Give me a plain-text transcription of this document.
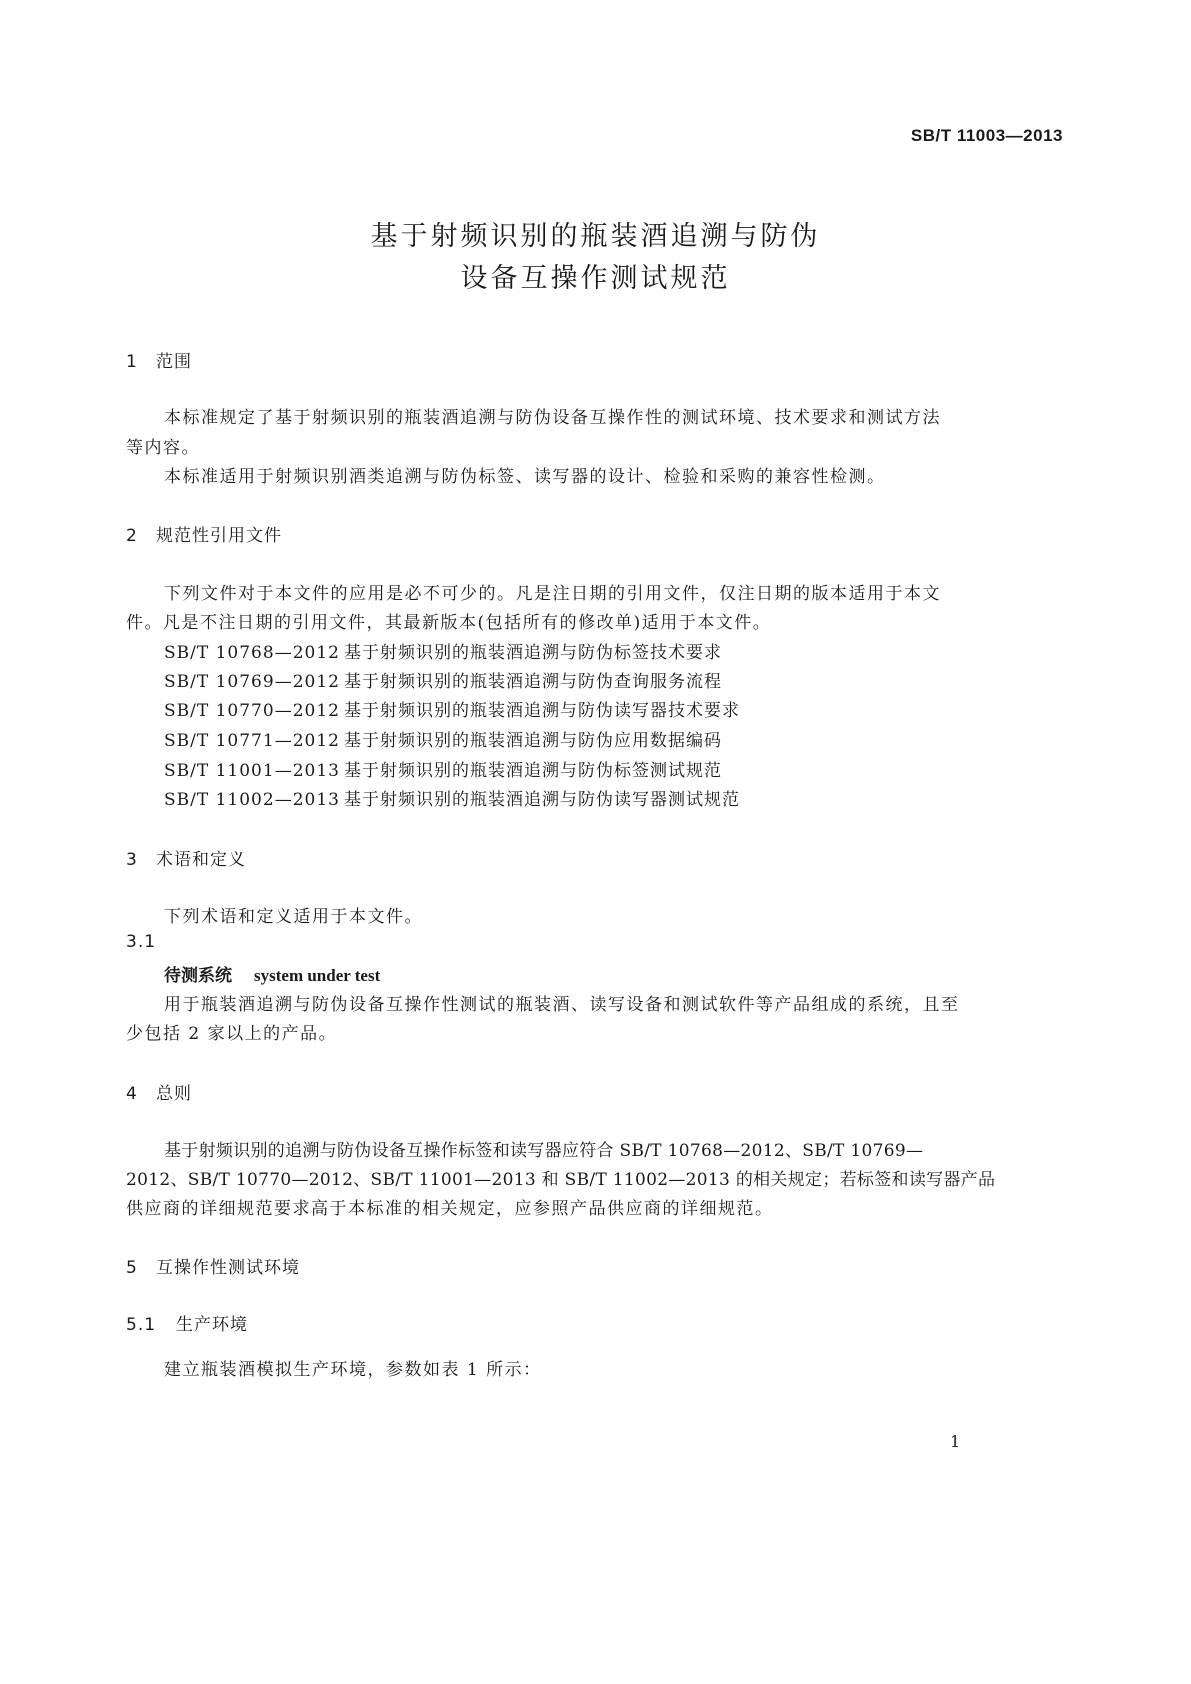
SB/T 11003—2013
基于射频识别的瓶装酒追溯与防伪
设备互操作测试规范
1 范围
本标准规定了基于射频识别的瓶装酒追溯与防伪设备互操作性的测试环境、技术要求和测试方法
等内容。
本标准适用于射频识别酒类追溯与防伪标签、读写器的设计、检验和采购的兼容性检测。
2 规范性引用文件
下列文件对于本文件的应用是必不可少的。凡是注日期的引用文件，仅注日期的版本适用于本文
件。凡是不注日期的引用文件，其最新版本(包括所有的修改单)适用于本文件。
SB/T 10768—2012 基于射频识别的瓶装酒追溯与防伪标签技术要求
SB/T 10769—2012 基于射频识别的瓶装酒追溯与防伪查询服务流程
SB/T 10770—2012 基于射频识别的瓶装酒追溯与防伪读写器技术要求
SB/T 10771—2012 基于射频识别的瓶装酒追溯与防伪应用数据编码
SB/T 11001—2013 基于射频识别的瓶装酒追溯与防伪标签测试规范
SB/T 11002—2013 基于射频识别的瓶装酒追溯与防伪读写器测试规范
3 术语和定义
下列术语和定义适用于本文件。
3.1
待测系统 system under test
用于瓶装酒追溯与防伪设备互操作性测试的瓶装酒、读写设备和测试软件等产品组成的系统，且至
少包括 2 家以上的产品。
4 总则
基于射频识别的追溯与防伪设备互操作标签和读写器应符合 SB/T 10768—2012、SB/T 10769—
2012、SB/T 10770—2012、SB/T 11001—2013 和 SB/T 11002—2013 的相关规定；若标签和读写器产品
供应商的详细规范要求高于本标准的相关规定，应参照产品供应商的详细规范。
5 互操作性测试环境
5.1 生产环境
建立瓶装酒模拟生产环境，参数如表 1 所示：
1
